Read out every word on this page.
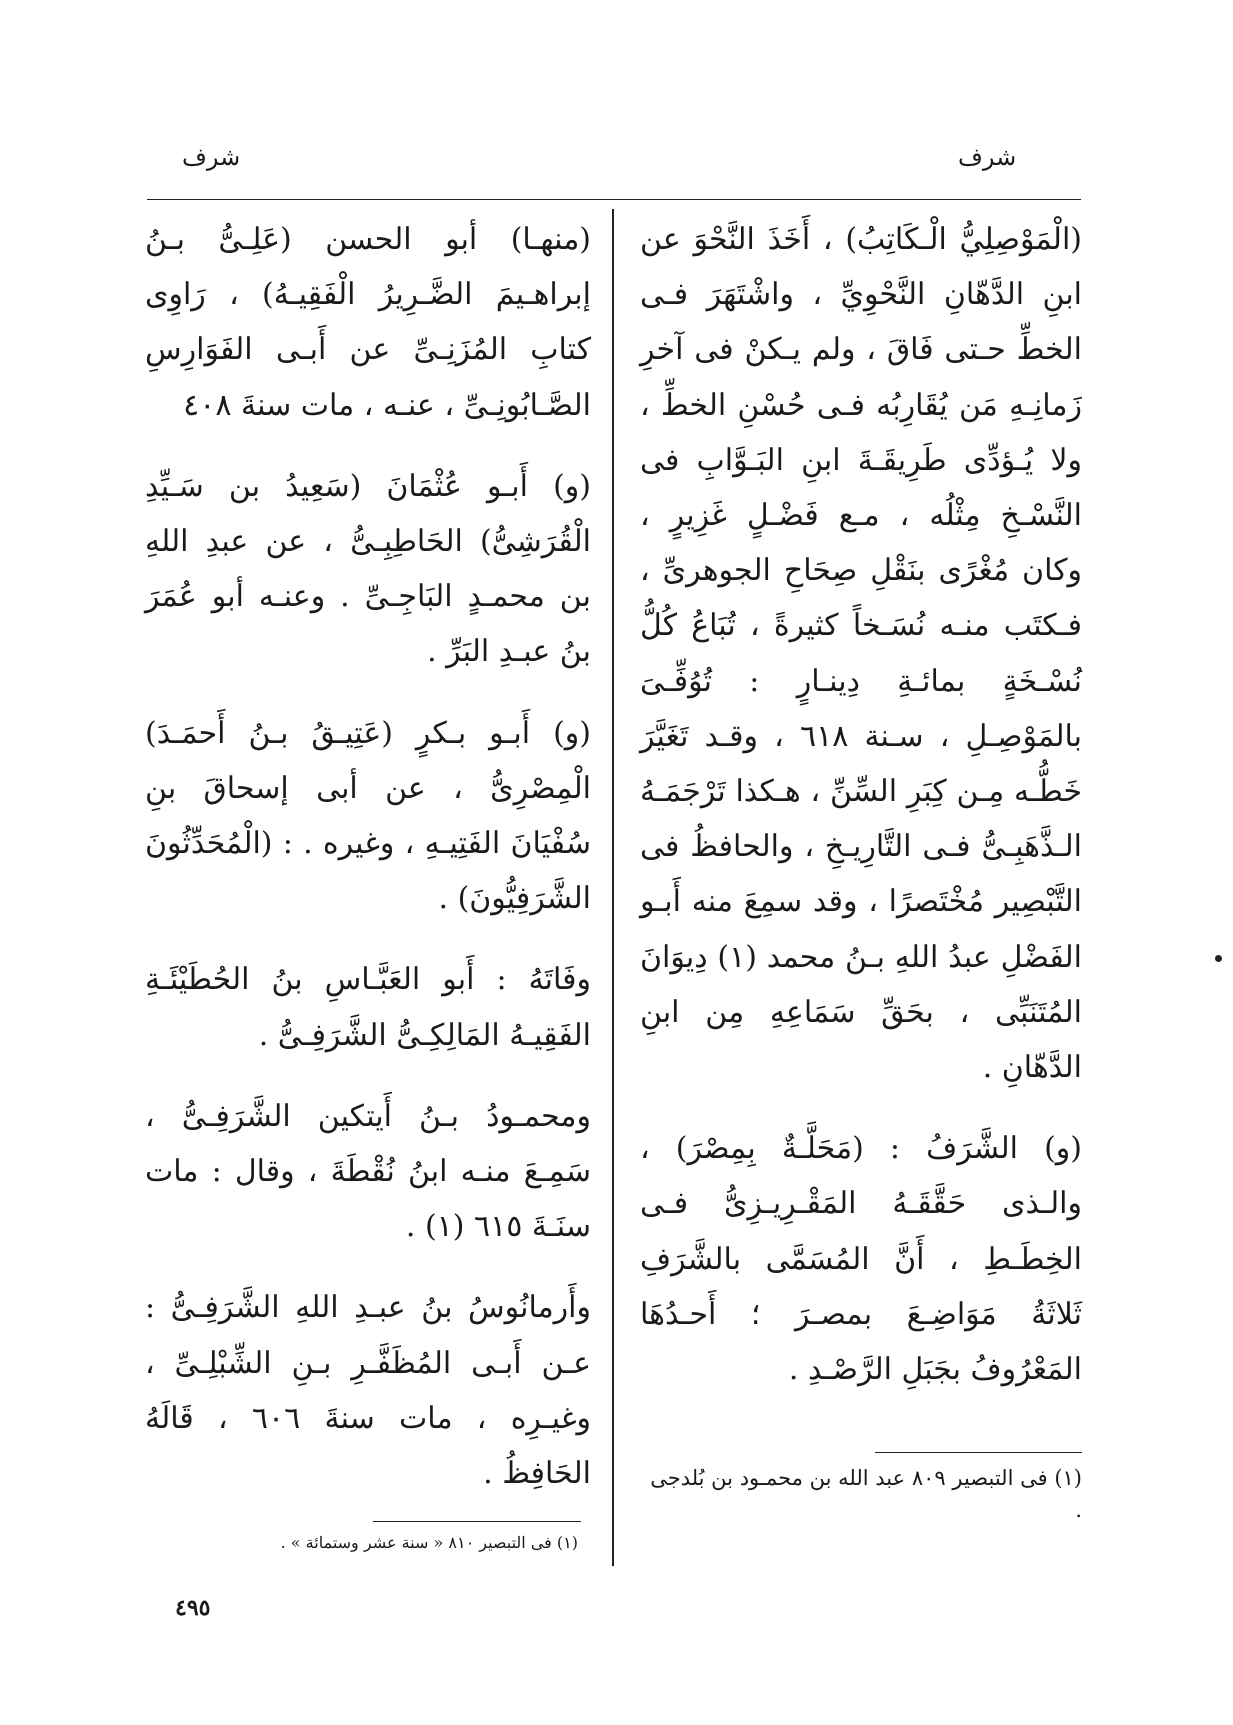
شرف
شرف

(الْمَوْصِلِيُّ الْـكَاتِبُ) ، أَخَذَ النَّحْوَ عن ابنِ الدَّهّانِ النَّحْوِيِّ ، واشْتَهَرَ فـى الخطِّ حـتى فَاقَ ، ولم يـكنْ فى آخرِ زَمانِـهِ مَن يُقَارِبُه فـى حُسْنِ الخطِّ ، ولا يُـؤدِّى طَرِيقَـةَ ابنِ البَـوَّابِ فى النَّسْـخِ مِثْلُه ، مـع فَضْـلٍ غَزِيرٍ ، وكان مُغْرًى بنَقْلِ صِحَاحِ الجوهرىِّ ، فـكتَب منـه نُسَـخاً كثيرةً ، تُبَاعُ كُلُّ نُسْـخَةٍ بمائـةِ دِينـارٍ : تُوُفِّـىَ بالمَوْصِـلِ ، سـنة ٦١٨ ، وقـد تَغَيَّرَ خَطُّـه مِـن كِبَرِ السِّنِّ ، هـكذا تَرْجَمَـهُ الـذَّهَبِـىُّ فـى التَّارِيـخِ ، والحافظُ فى التَّبْصِير مُخْتَصرًا ، وقد سمِعَ منه أَبـو الفَضْلِ عبدُ اللهِ بـنُ محمد (١) دِيوَانَ المُتَنَبِّى ، بحَقِّ سَمَاعِهِ مِن ابنِ الدَّهّانِ .

(و) الشَّرَفُ : (مَحَلَّـةٌ بِمِصْرَ) ، والـذى حَقَّقَـهُ المَقْـرِيـزِىُّ فـى الخِطَـطِ ، أَنَّ المُسَمَّى بالشَّرَفِ ثَلاثَةُ مَوَاضِـعَ بمصـرَ ؛ أَحـدُهَا المَعْرُوفُ بجَبَلِ الرَّصْـدِ .

(منهـا) أبو الحسن (عَلِـىُّ بـنُ إبراهـيمَ الضَّـرِيرُ الْفَقِيـهُ) ، رَاوِى كتابِ المُزَنِـىِّ عن أَبـى الفَوَارِسِ الصَّـابُونِـىِّ ، عنـه ، مات سنةَ ٤٠٨

(و) أَبـو عُثْمَانَ (سَعِيدُ بن سَـيِّدِ الْقُرَشِىُّ) الحَاطِبِـىُّ ، عن عبدِ اللهِ بن محمـدٍ البَاجِـىِّ . وعنـه أبو عُمَرَ بنُ عبـدِ البَرِّ .

(و) أَبـو بـكرٍ (عَتِيـقُ بـنُ أَحمَـدَ) الْمِصْرِىُّ ، عن أبى إسحاقَ بنِ سُفْيَانَ الفَتِيـهِ ، وغيره . : (الْمُحَدِّثُونَ الشَّرَفِيُّونَ) .

وفَاتَهُ : أَبو العَبَّـاسِ بنُ الحُطَيْئَـةِ الفَقِيـهُ المَالِكِـىُّ الشَّرَفِـىُّ .

ومحمـودُ بـنُ أَيتكين الشَّرَفِـىُّ ، سَمِـعَ منـه ابنُ نُقْطَةَ ، وقال : مات سنَـةَ ٦١٥ (١) .

وأَرمانُوسُ بنُ عبـدِ اللهِ الشَّرَفِـىُّ : عـن أَبـى المُظَفَّـرِ بـنِ الشِّبْلِـىِّ ، وغيـرِه ، مات سنةَ ٦٠٦ ، قَالَهُ الحَافِظُ .	(١) فى التبصير ٨٠٩ عبد الله بن محمـود بن بُلدجى .
(١) فى التبصير ٨١٠ « سنة عشر وستمائة » .
٤٩٥
